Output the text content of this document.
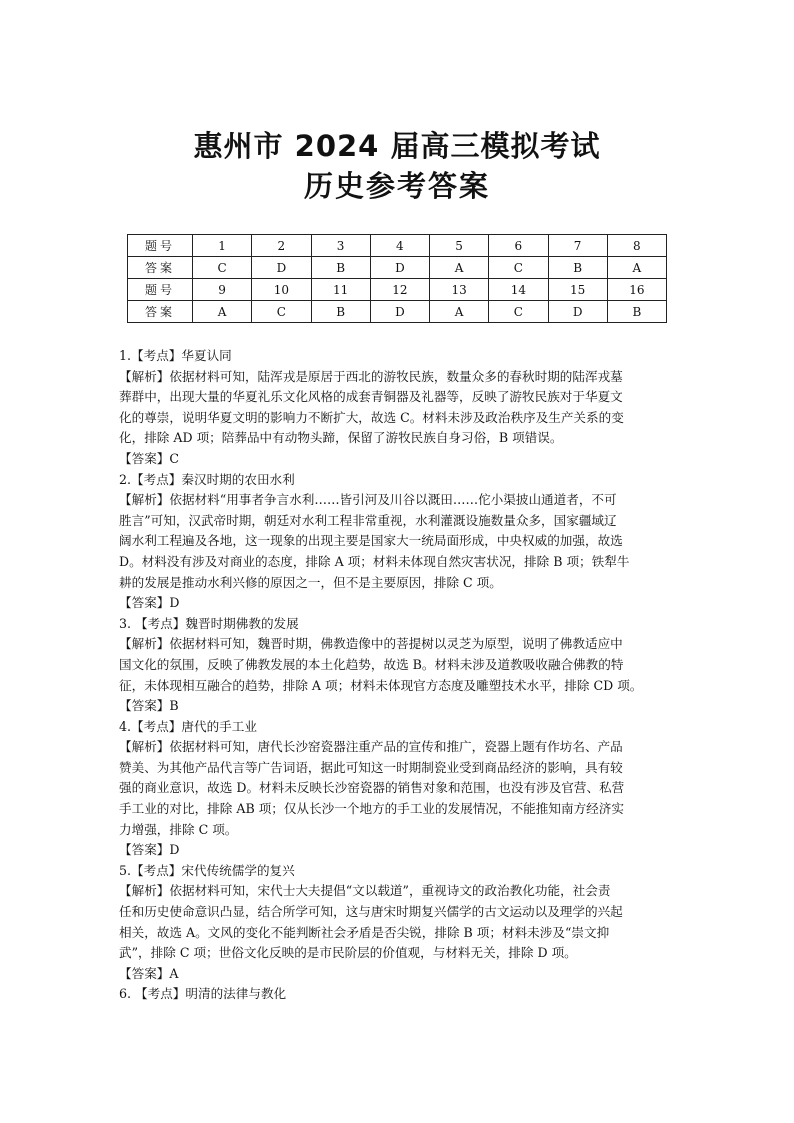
惠州市 2024 届高三模拟考试
历史参考答案
题号	1	2	3	4	5	6	7	8
答案	C	D	B	D	A	C	B	A
题号	9	10	11	12	13	14	15	16
答案	A	C	B	D	A	C	D	B
1.【考点】华夏认同
【解析】依据材料可知，陆浑戎是原居于西北的游牧民族，数量众多的春秋时期的陆浑戎墓
葬群中，出现大量的华夏礼乐文化风格的成套青铜器及礼器等，反映了游牧民族对于华夏文
化的尊崇，说明华夏文明的影响力不断扩大，故选 C。材料未涉及政治秩序及生产关系的变
化，排除 AD 项；陪葬品中有动物头蹄，保留了游牧民族自身习俗，B 项错误。
【答案】C
2.【考点】秦汉时期的农田水利
【解析】依据材料“用事者争言水利……皆引河及川谷以溉田……佗小渠披山通道者，不可
胜言”可知，汉武帝时期，朝廷对水利工程非常重视，水利灌溉设施数量众多，国家疆域辽
阔水利工程遍及各地，这一现象的出现主要是国家大一统局面形成，中央权威的加强，故选
D。材料没有涉及对商业的态度，排除 A 项；材料未体现自然灾害状况，排除 B 项；铁犁牛
耕的发展是推动水利兴修的原因之一，但不是主要原因，排除 C 项。
【答案】D
3. 【考点】魏晋时期佛教的发展
【解析】依据材料可知，魏晋时期，佛教造像中的菩提树以灵芝为原型，说明了佛教适应中
国文化的氛围，反映了佛教发展的本土化趋势，故选 B。材料未涉及道教吸收融合佛教的特
征，未体现相互融合的趋势，排除 A 项；材料未体现官方态度及雕塑技术水平，排除 CD 项。
【答案】B
4.【考点】唐代的手工业
【解析】依据材料可知，唐代长沙窑瓷器注重产品的宣传和推广，瓷器上题有作坊名、产品
赞美、为其他产品代言等广告词语，据此可知这一时期制瓷业受到商品经济的影响，具有较
强的商业意识，故选 D。材料未反映长沙窑瓷器的销售对象和范围，也没有涉及官营、私营
手工业的对比，排除 AB 项；仅从长沙一个地方的手工业的发展情况，不能推知南方经济实
力增强，排除 C 项。
【答案】D
5.【考点】宋代传统儒学的复兴
【解析】依据材料可知，宋代士大夫提倡“文以载道”，重视诗文的政治教化功能，社会责
任和历史使命意识凸显，结合所学可知，这与唐宋时期复兴儒学的古文运动以及理学的兴起
相关，故选 A。文风的变化不能判断社会矛盾是否尖锐，排除 B 项；材料未涉及“崇文抑
武”，排除 C 项；世俗文化反映的是市民阶层的价值观，与材料无关，排除 D 项。
【答案】A
6. 【考点】明清的法律与教化
